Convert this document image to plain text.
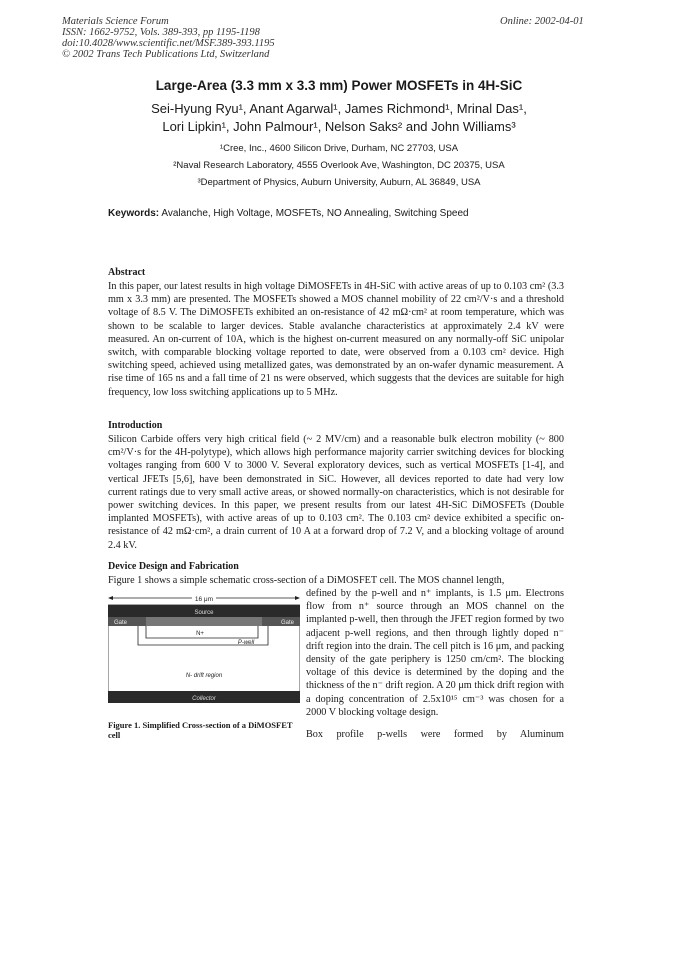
Materials Science Forum
ISSN: 1662-9752, Vols. 389-393, pp 1195-1198
doi:10.4028/www.scientific.net/MSF.389-393.1195
© 2002 Trans Tech Publications Ltd, Switzerland
Online: 2002-04-01
Large-Area (3.3 mm x 3.3 mm) Power MOSFETs in 4H-SiC
Sei-Hyung Ryu¹, Anant Agarwal¹, James Richmond¹, Mrinal Das¹,
Lori Lipkin¹, John Palmour¹, Nelson Saks² and John Williams³
¹Cree, Inc., 4600 Silicon Drive, Durham, NC 27703, USA
²Naval Research Laboratory, 4555 Overlook Ave, Washington, DC 20375, USA
³Department of Physics, Auburn University, Auburn, AL 36849, USA
Keywords: Avalanche, High Voltage, MOSFETs, NO Annealing, Switching Speed
Abstract
In this paper, our latest results in high voltage DiMOSFETs in 4H-SiC with active areas of up to 0.103 cm² (3.3 mm x 3.3 mm) are presented. The MOSFETs showed a MOS channel mobility of 22 cm²/V·s and a threshold voltage of 8.5 V. The DiMOSFETs exhibited an on-resistance of 42 mΩ·cm² at room temperature, which was shown to be scalable to larger devices. Stable avalanche characteristics at approximately 2.4 kV were measured. An on-current of 10A, which is the highest on-current measured on any normally-off SiC unipolar switch, with comparable blocking voltage reported to date, were observed from a 0.103 cm² device. High switching speed, achieved using metallized gates, was demonstrated by an on-wafer dynamic measurement. A rise time of 165 ns and a fall time of 21 ns were observed, which suggests that the devices are suitable for high frequency, low loss switching applications up to 5 MHz.
Introduction
Silicon Carbide offers very high critical field (~ 2 MV/cm) and a reasonable bulk electron mobility (~ 800 cm²/V·s for the 4H-polytype), which allows high performance majority carrier switching devices for blocking voltages ranging from 600 V to 3000 V. Several exploratory devices, such as vertical MOSFETs [1-4], and vertical JFETs [5,6], have been demonstrated in SiC. However, all devices reported to date had very low current ratings due to very small active areas, or showed normally-on characteristics, which is not desirable for power switching devices. In this paper, we present results from our latest 4H-SiC DiMOSFETs (Double implanted MOSFETs), with active areas of up to 0.103 cm². The 0.103 cm² device exhibited a specific on-resistance of 42 mΩ·cm², a drain current of 10 A at a forward drop of 7.2 V, and a blocking voltage of around 2.4 kV.
Device Design and Fabrication
Figure 1 shows a simple schematic cross-section of a DiMOSFET cell. The MOS channel length,
defined by the p-well and n⁺ implants, is 1.5 μm. Electrons flow from n⁺ source through an MOS channel on the implanted p-well, then through the JFET region formed by two adjacent p-well regions, and then through lightly doped n⁻ drift region into the drain. The cell pitch is 16 μm, and packing density of the gate periphery is 1250 cm/cm². The blocking voltage of this device is determined by the doping and the thickness of the n⁻ drift region. A 20 μm thick drift region with a doping concentration of 2.5x10¹⁵ cm⁻³ was chosen for a 2000 V blocking voltage design.
Box profile p-wells were formed by Aluminum
16 μm
Source
Gate	Gate
N+
P-well
N- drift region
Collector
Figure 1. Simplified Cross-section of a DiMOSFET cell
